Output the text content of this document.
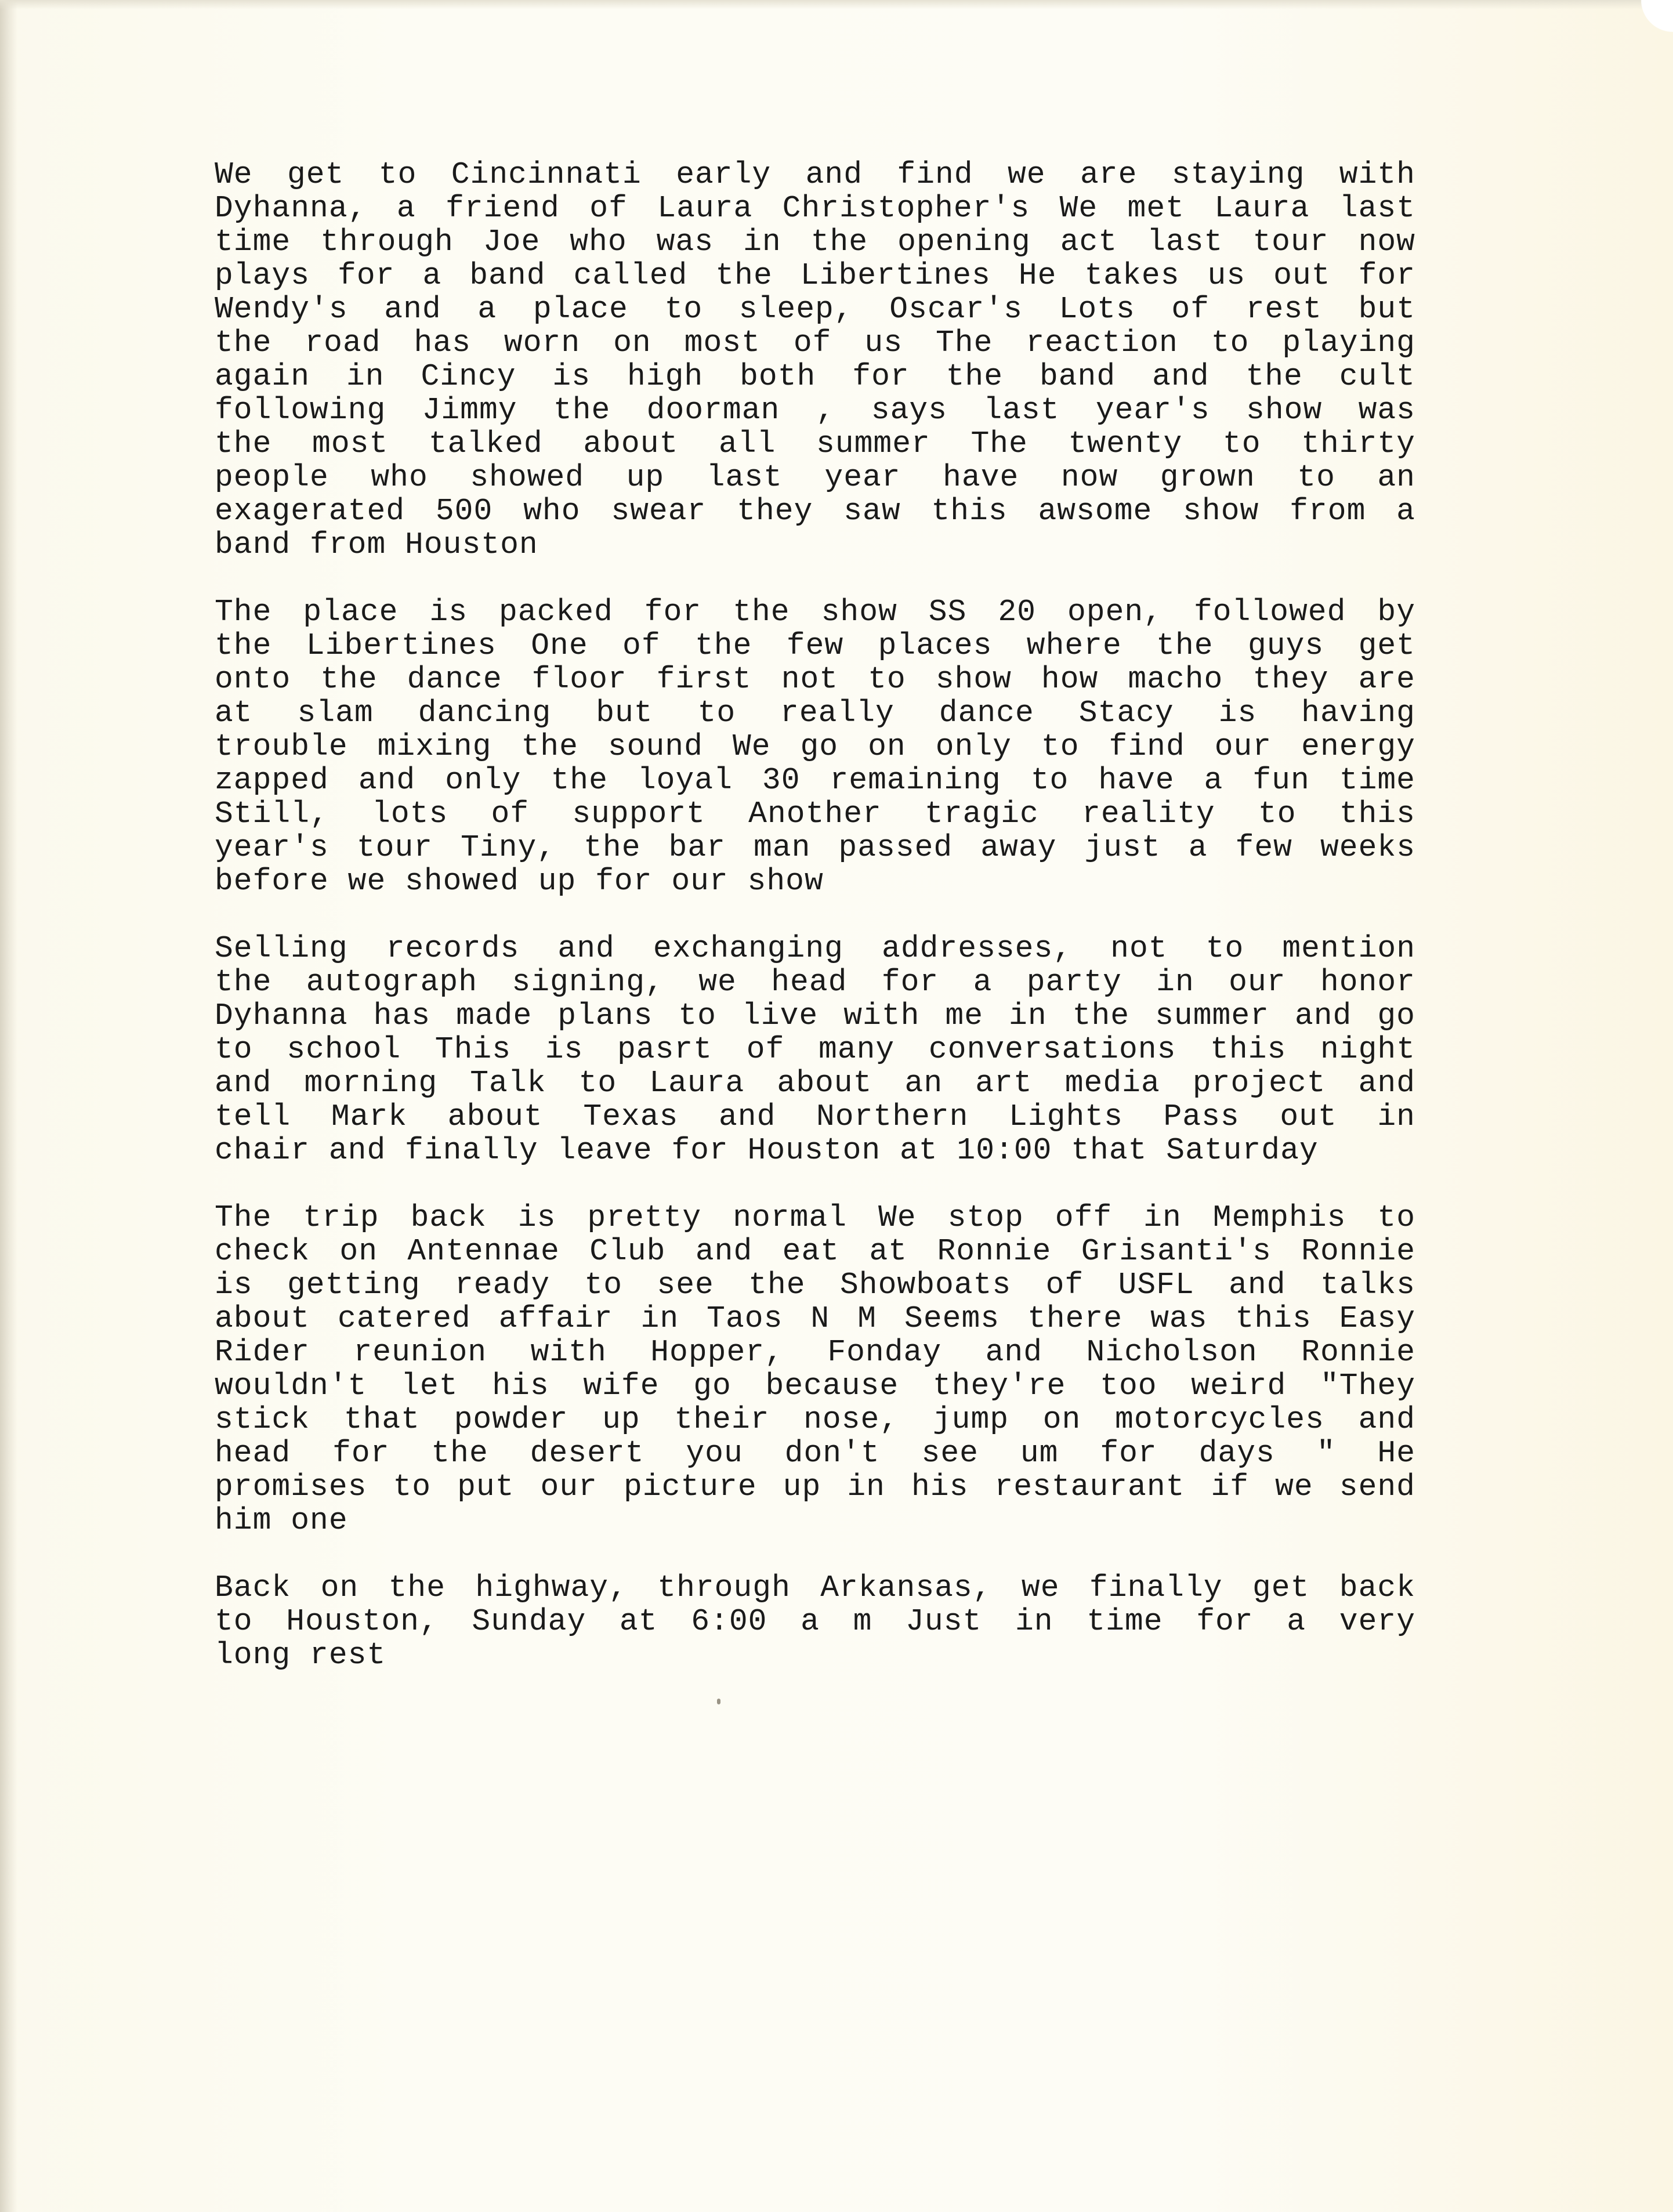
We get to Cincinnati early and find we are staying with
Dyhanna, a friend of Laura Christopher's We met Laura last
time through Joe who was in the opening act last tour now
plays for a band called the Libertines He takes us out for
Wendy's and a place to sleep, Oscar's Lots of rest but
the road has worn on most of us The reaction to playing
again in Cincy is high both for the band and the cult
following Jimmy the doorman , says last year's show was
the most talked about all summer The twenty to thirty
people who showed up last year have now grown to an
exagerated 500 who swear they saw this awsome show from a
band from Houston
The place is packed for the show SS 20 open, followed by
the Libertines One of the few places where the guys get
onto the dance floor first not to show how macho they are
at slam dancing but to really dance Stacy is having
trouble mixing the sound We go on only to find our energy
zapped and only the loyal 30 remaining to have a fun time
Still, lots of support Another tragic reality to this
year's tour Tiny, the bar man passed away just a few weeks
before we showed up for our show
Selling records and exchanging addresses, not to mention
the autograph signing, we head for a party in our honor
Dyhanna has made plans to live with me in the summer and go
to school This is pasrt of many conversations this night
and morning Talk to Laura about an art media project and
tell Mark about Texas and Northern Lights Pass out in
chair and finally leave for Houston at 10:00 that Saturday
The trip back is pretty normal We stop off in Memphis to
check on Antennae Club and eat at Ronnie Grisanti's Ronnie
is getting ready to see the Showboats of USFL and talks
about catered affair in Taos N M Seems there was this Easy
Rider reunion with Hopper, Fonday and Nicholson Ronnie
wouldn't let his wife go because they're too weird "They
stick that powder up their nose, jump on motorcycles and
head for the desert you don't see um for days " He
promises to put our picture up in his restaurant if we send
him one
Back on the highway, through Arkansas, we finally get back
to Houston, Sunday at 6:00 a m Just in time for a very
long rest
